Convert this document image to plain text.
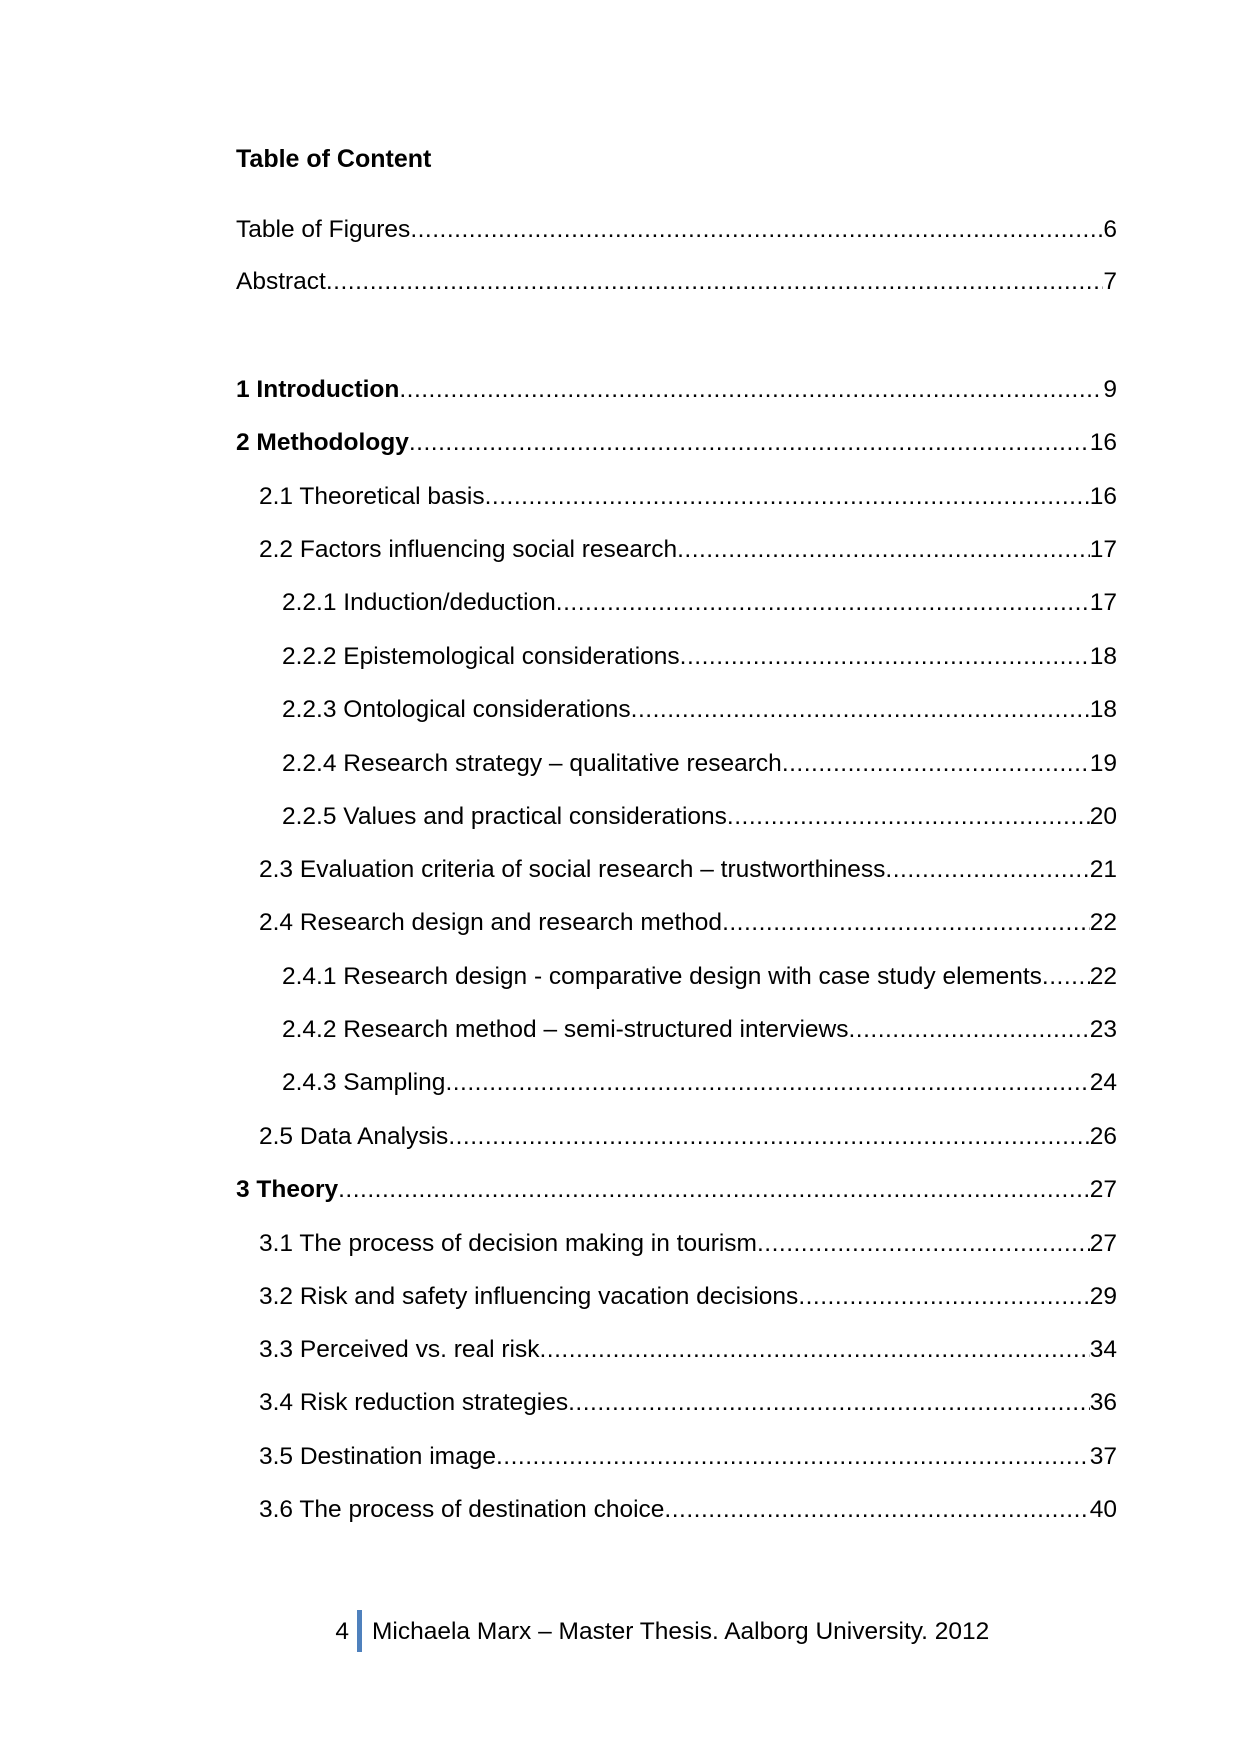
Table of Content
Table of Figures .....	6
Abstract .....	7
1 Introduction .....	9
2 Methodology .....	16
2.1 Theoretical basis .....	16
2.2 Factors influencing social research .....	17
2.2.1 Induction/deduction .....	17
2.2.2 Epistemological considerations .....	18
2.2.3 Ontological considerations .....	18
2.2.4 Research strategy – qualitative research .....	19
2.2.5 Values and practical considerations .....	20
2.3 Evaluation criteria of social research – trustworthiness .....	21
2.4 Research design and research method .....	22
2.4.1 Research design - comparative design with case study elements ..... 22
2.4.2 Research method – semi-structured interviews .....	23
2.4.3 Sampling .....	24
2.5 Data Analysis .....	26
3 Theory .....	27
3.1 The process of decision making in tourism .....	27
3.2 Risk and safety influencing vacation decisions .....	29
3.3 Perceived vs. real risk .....	34
3.4 Risk reduction strategies .....	36
3.5 Destination image .....	37
3.6 The process of destination choice .....	40
4 Michaela Marx – Master Thesis. Aalborg University. 2012
